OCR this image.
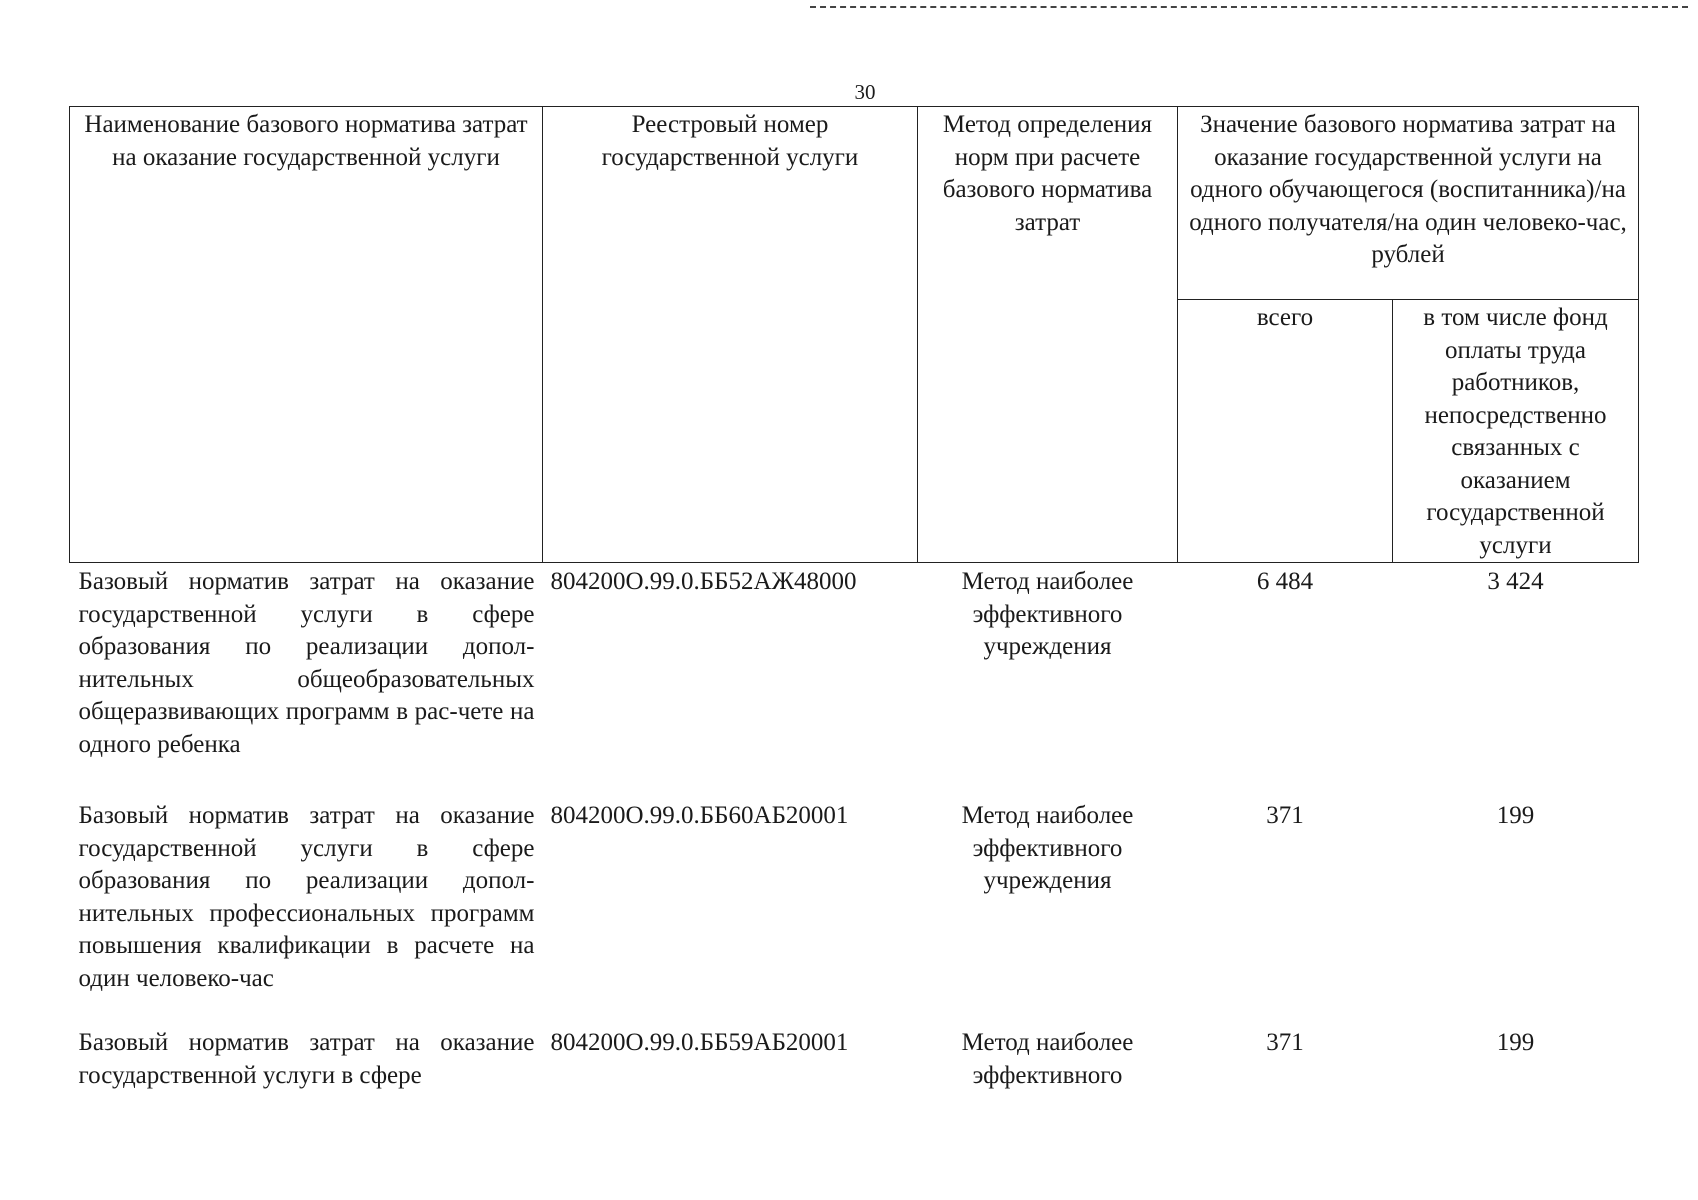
30
Наименование базового норматива затрат на оказание государственной услуги	Реестровый номер государственной услуги	Метод определения норм при расчете базового норматива затрат	Значение базового норматива затрат на оказание государственной услуги на одного обучающегося (воспитанника)/на одного получателя/на один человеко-час, рублей	
			всего	в том числе фонд оплаты труда работников, непосредственно связанных с оказанием государственной услуги
Базовый норматив затрат на оказание государственной услуги в сфере образования по реализации допол-нительных общеобразовательных общеразвивающих программ в рас-чете на одного ребенка	804200О.99.0.ББ52АЖ48000	Метод наиболее эффективного учреждения	6 484	3 424
Базовый норматив затрат на оказание государственной услуги в сфере образования по реализации допол-нительных профессиональных программ повышения квалификации в расчете на один человеко-час	804200О.99.0.ББ60АБ20001	Метод наиболее эффективного учреждения	371	199
Базовый норматив затрат на оказание государственной услуги в сфере	804200О.99.0.ББ59АБ20001	Метод наиболее эффективного	371	199
